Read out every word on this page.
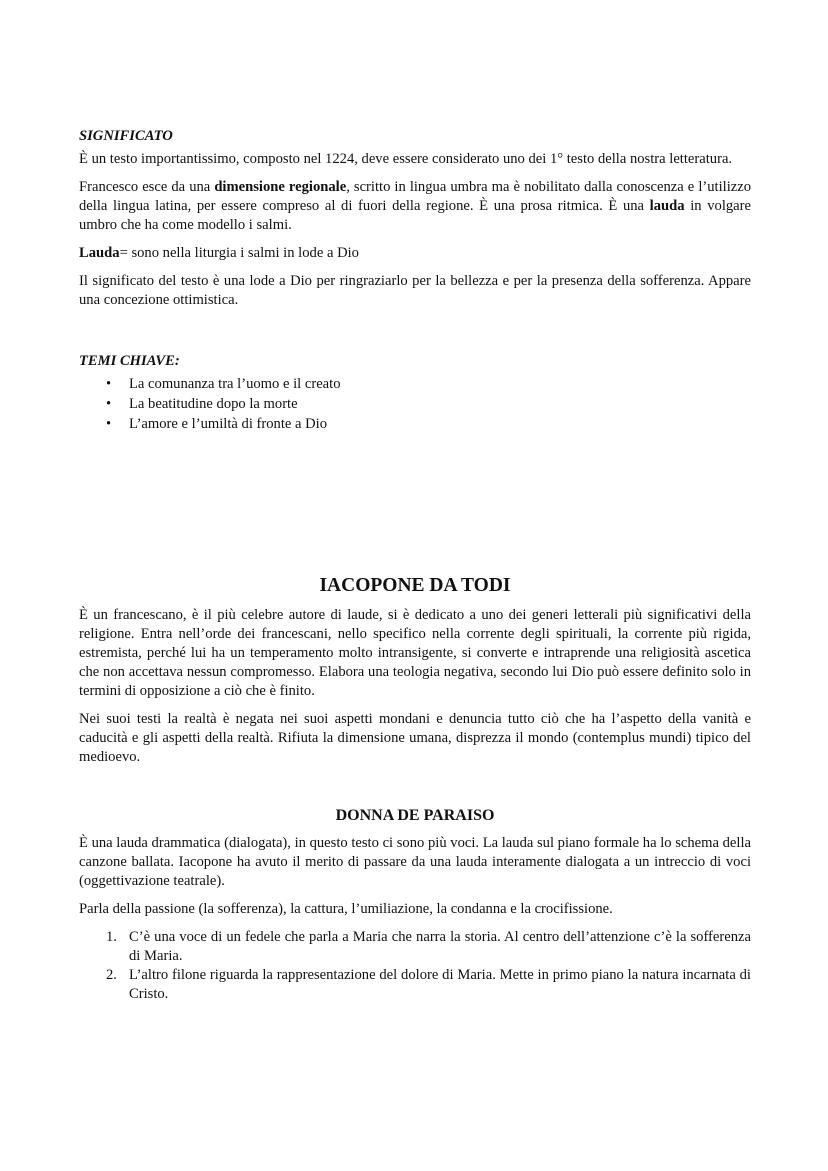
SIGNIFICATO

È un testo importantissimo, composto nel 1224, deve essere considerato uno dei 1° testo della nostra letteratura.

Francesco esce da una dimensione regionale, scritto in lingua umbra ma è nobilitato dalla conoscenza e l’utilizzo della lingua latina, per essere compreso al di fuori della regione. È una prosa ritmica. È una lauda in volgare umbro che ha come modello i salmi.

Lauda= sono nella liturgia i salmi in lode a Dio

Il significato del testo è una lode a Dio per ringraziarlo per la bellezza e per la presenza della sofferenza. Appare una concezione ottimistica.

TEMI CHIAVE:
• La comunanza tra l’uomo e il creato
• La beatitudine dopo la morte
• L’amore e l’umiltà di fronte a Dio
IACOPONE DA TODI

È un francescano, è il più celebre autore di laude, si è dedicato a uno dei generi letterali più significativi della religione. Entra nell’orde dei francescani, nello specifico nella corrente degli spirituali, la corrente più rigida, estremista, perché lui ha un temperamento molto intransigente, si converte e intraprende una religiosità ascetica che non accettava nessun compromesso. Elabora una teologia negativa, secondo lui Dio può essere definito solo in termini di opposizione a ciò che è finito.

Nei suoi testi la realtà è negata nei suoi aspetti mondani e denuncia tutto ciò che ha l’aspetto della vanità e caducità e gli aspetti della realtà. Rifiuta la dimensione umana, disprezza il mondo (contemplus mundi) tipico del medioevo.

DONNA DE PARAISO

È una lauda drammatica (dialogata), in questo testo ci sono più voci. La lauda sul piano formale ha lo schema della canzone ballata. Iacopone ha avuto il merito di passare da una lauda interamente dialogata a un intreccio di voci (oggettivazione teatrale).

Parla della passione (la sofferenza), la cattura, l’umiliazione, la condanna e la crocifissione.

1. C’è una voce di un fedele che parla a Maria che narra la storia. Al centro dell’attenzione c’è la sofferenza di Maria.
2. L’altro filone riguarda la rappresentazione del dolore di Maria. Mette in primo piano la natura incarnata di Cristo.
